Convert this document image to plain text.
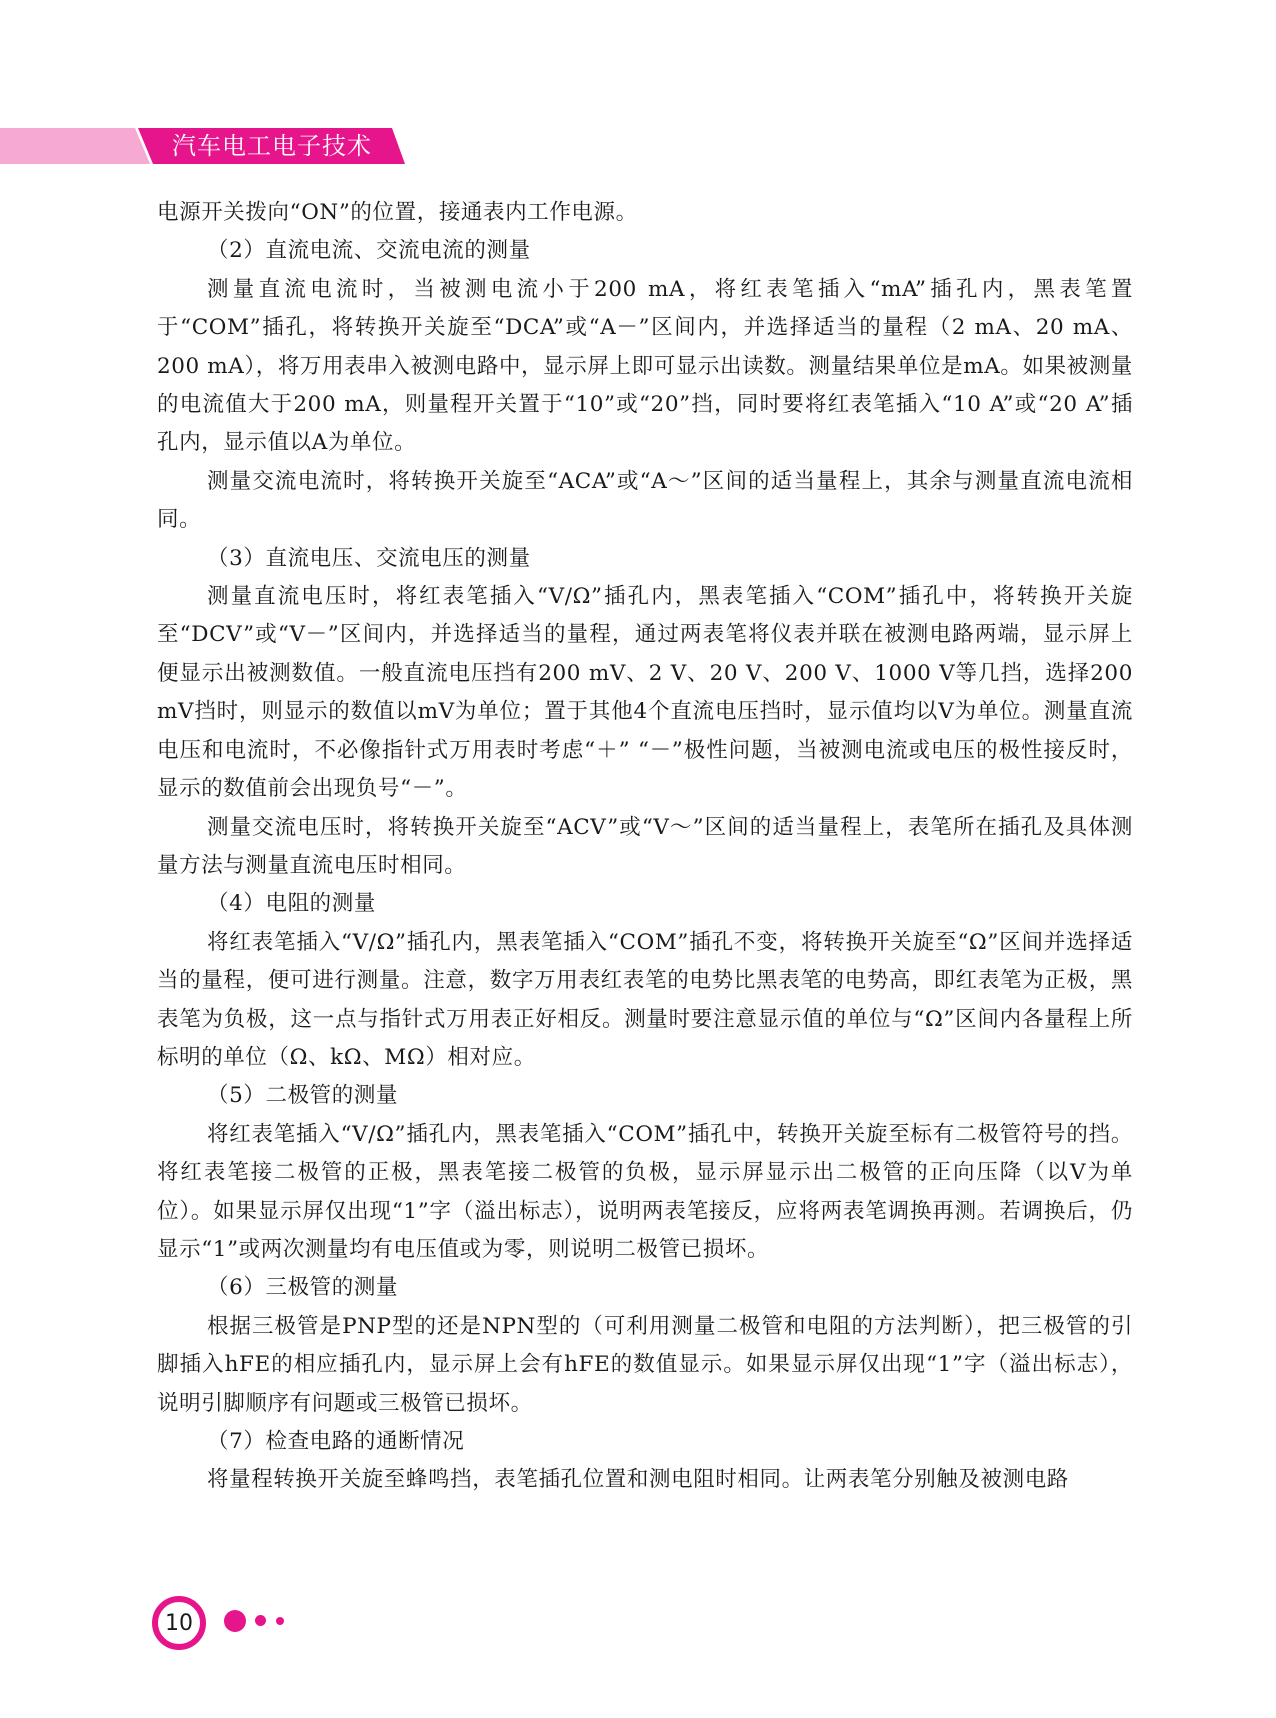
汽车电工电子技术

电源开关拨向“ON”的位置，接通表内工作电源。

（2）直流电流、交流电流的测量

测量直流电流时，当被测电流小于200 mA，将红表笔插入“mA”插孔内，黑表笔置于“COM”插孔，将转换开关旋至“DCA”或“A－”区间内，并选择适当的量程（2 mA、20 mA、200 mA），将万用表串入被测电路中，显示屏上即可显示出读数。测量结果单位是mA。如果被测量的电流值大于200 mA，则量程开关置于“10”或“20”挡，同时要将红表笔插入“10 A”或“20 A”插孔内，显示值以A为单位。

测量交流电流时，将转换开关旋至“ACA”或“A～”区间的适当量程上，其余与测量直流电流相同。

（3）直流电压、交流电压的测量

测量直流电压时，将红表笔插入“V/Ω”插孔内，黑表笔插入“COM”插孔中，将转换开关旋至“DCV”或“V－”区间内，并选择适当的量程，通过两表笔将仪表并联在被测电路两端，显示屏上便显示出被测数值。一般直流电压挡有200 mV、2 V、20 V、200 V、1000 V等几挡，选择200 mV挡时，则显示的数值以mV为单位；置于其他4个直流电压挡时，显示值均以V为单位。测量直流电压和电流时，不必像指针式万用表时考虑“＋” “－”极性问题，当被测电流或电压的极性接反时，显示的数值前会出现负号“－”。

测量交流电压时，将转换开关旋至“ACV”或“V～”区间的适当量程上，表笔所在插孔及具体测量方法与测量直流电压时相同。

（4）电阻的测量

将红表笔插入“V/Ω”插孔内，黑表笔插入“COM”插孔不变，将转换开关旋至“Ω”区间并选择适当的量程，便可进行测量。注意，数字万用表红表笔的电势比黑表笔的电势高，即红表笔为正极，黑表笔为负极，这一点与指针式万用表正好相反。测量时要注意显示值的单位与“Ω”区间内各量程上所标明的单位（Ω、kΩ、MΩ）相对应。

（5）二极管的测量

将红表笔插入“V/Ω”插孔内，黑表笔插入“COM”插孔中，转换开关旋至标有二极管符号的挡。将红表笔接二极管的正极，黑表笔接二极管的负极，显示屏显示出二极管的正向压降（以V为单位）。如果显示屏仅出现“1”字（溢出标志），说明两表笔接反，应将两表笔调换再测。若调换后，仍显示“1”或两次测量均有电压值或为零，则说明二极管已损坏。

（6）三极管的测量

根据三极管是PNP型的还是NPN型的（可利用测量二极管和电阻的方法判断），把三极管的引脚插入hFE的相应插孔内，显示屏上会有hFE的数值显示。如果显示屏仅出现“1”字（溢出标志），说明引脚顺序有问题或三极管已损坏。

（7）检查电路的通断情况

将量程转换开关旋至蜂鸣挡，表笔插孔位置和测电阻时相同。让两表笔分别触及被测电路

10
